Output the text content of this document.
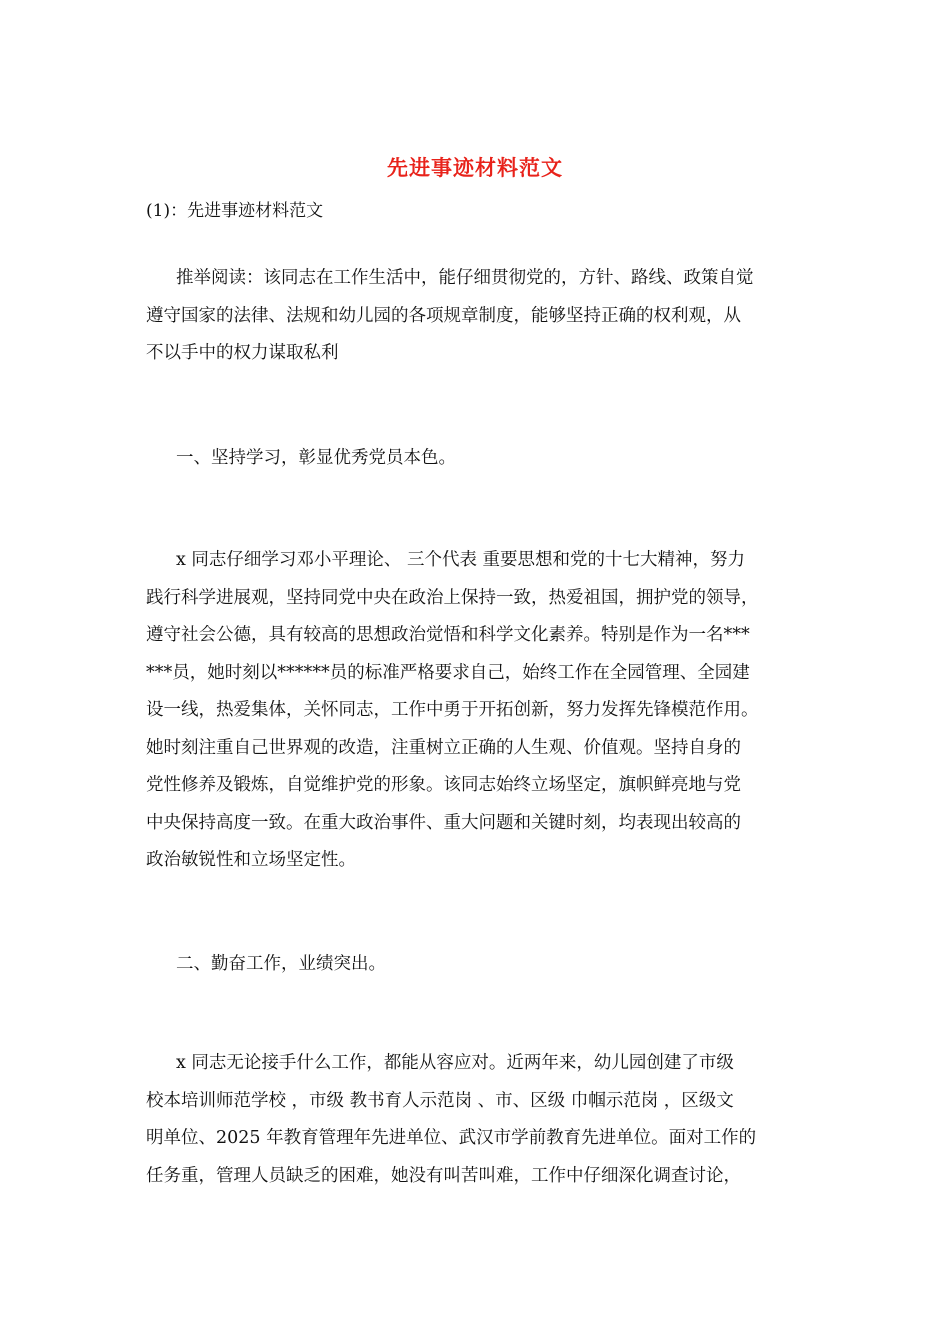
先进事迹材料范文
(1)：先进事迹材料范文
推举阅读：该同志在工作生活中，能仔细贯彻党的，方针、路线、政策自觉
遵守国家的法律、法规和幼儿园的各项规章制度，能够坚持正确的权利观，从
不以手中的权力谋取私利
一、坚持学习，彰显优秀党员本色。
x 同志仔细学习邓小平理论、 三个代表 重要思想和党的十七大精神，努力
践行科学进展观，坚持同党中央在政治上保持一致，热爱祖国，拥护党的领导，
遵守社会公德，具有较高的思想政治觉悟和科学文化素养。特别是作为一名***
***员，她时刻以******员的标准严格要求自己，始终工作在全园管理、全园建
设一线，热爱集体，关怀同志，工作中勇于开拓创新，努力发挥先锋模范作用。
她时刻注重自己世界观的改造，注重树立正确的人生观、价值观。坚持自身的
党性修养及锻炼，自觉维护党的形象。该同志始终立场坚定，旗帜鲜亮地与党
中央保持高度一致。在重大政治事件、重大问题和关键时刻，均表现出较高的
政治敏锐性和立场坚定性。
二、勤奋工作，业绩突出。
x 同志无论接手什么工作，都能从容应对。近两年来，幼儿园创建了市级
校本培训师范学校 ，市级 教书育人示范岗 、市、区级 巾帼示范岗 ，区级文
明单位、2025 年教育管理年先进单位、武汉市学前教育先进单位。面对工作的
任务重，管理人员缺乏的困难，她没有叫苦叫难，工作中仔细深化调查讨论，
